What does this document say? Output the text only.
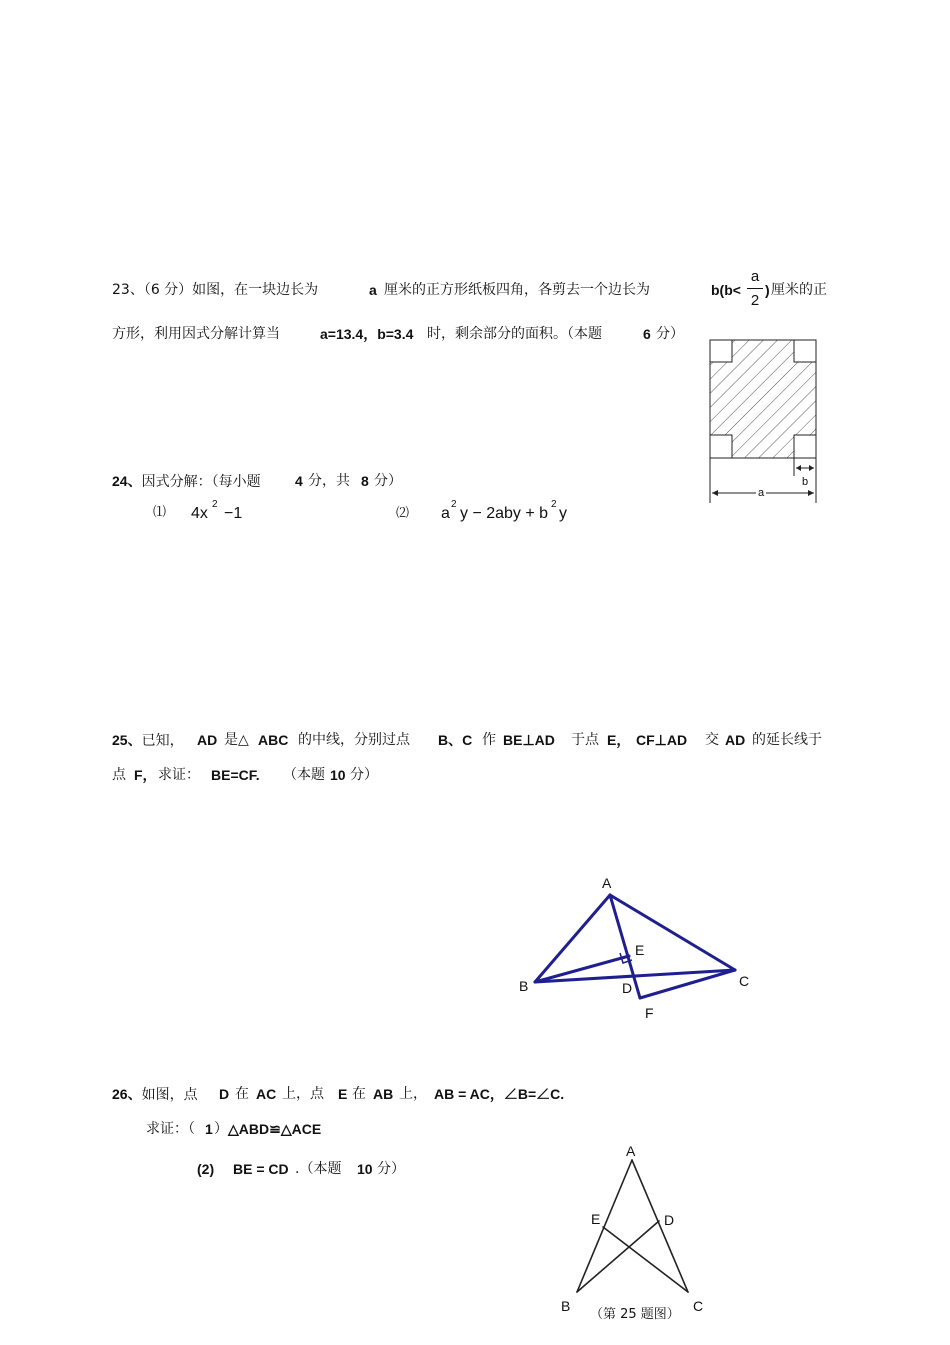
23、（6 分）如图，在一块边长为	a 厘米的正方形纸板四角，各剪去一个边长为	b(b<
a
2
) 厘米的正
方形，利用因式分解计算当	a=13.4，b=3.4 时，剩余部分的面积。（本题	6 分）
b
a
24、因式分解：（每小题 4 分，共 8 分）
⑴ 4x
2
−1	⑵ a
2
y − 2aby + b
2
y
25、已知， AD 是△ ABC 的中线，分别过点 B、C 作 BE⊥AD 于点 E， CF⊥AD 交 AD 的延长线于
点 F， 求证： BE=CF. （本题 10 分）
A
E
B	C
D
F
26、如图，点 D 在 AC 上，点 E 在 AB 上， AB = AC，∠B=∠C.
求证：（ 1 ） △ABD≌△ACE
(2) BE = CD .（本题 10 分）
A
E	D
B	C
（第 25 题图）
